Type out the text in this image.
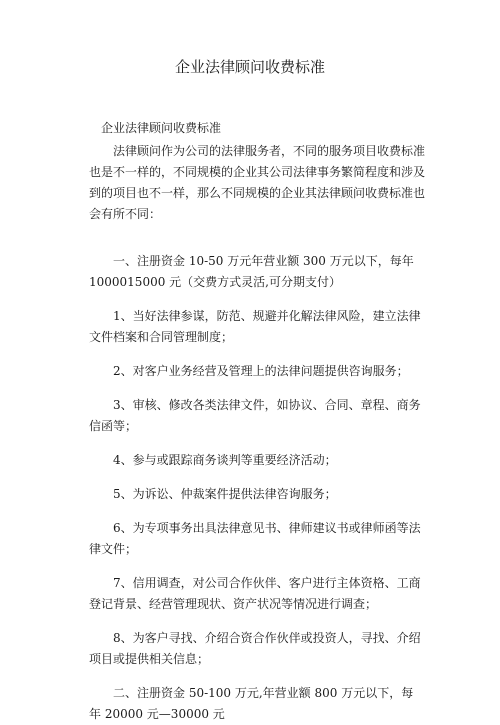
企业法律顾问收费标准

企业法律顾问收费标准

法律顾问作为公司的法律服务者，不同的服务项目收费标准也是不一样的，不同规模的企业其公司法律事务繁简程度和涉及到的项目也不一样，那么不同规模的企业其法律顾问收费标准也会有所不同：

一、注册资金 10-50 万元年营业额 300 万元以下，每年 1000015000 元（交费方式灵活,可分期支付）

1、当好法律参谋，防范、规避并化解法律风险，建立法律文件档案和合同管理制度；

2、对客户业务经营及管理上的法律问题提供咨询服务；

3、审核、修改各类法律文件，如协议、合同、章程、商务信函等；

4、参与或跟踪商务谈判等重要经济活动；

5、为诉讼、仲裁案件提供法律咨询服务；

6、为专项事务出具法律意见书、律师建议书或律师函等法律文件；

7、信用调查，对公司合作伙伴、客户进行主体资格、工商登记背景、经营管理现状、资产状况等情况进行调查；

8、为客户寻找、介绍合资合作伙伴或投资人，寻找、介绍项目或提供相关信息；

二、注册资金 50-100 万元,年营业额 800 万元以下，每年 20000 元—30000 元
